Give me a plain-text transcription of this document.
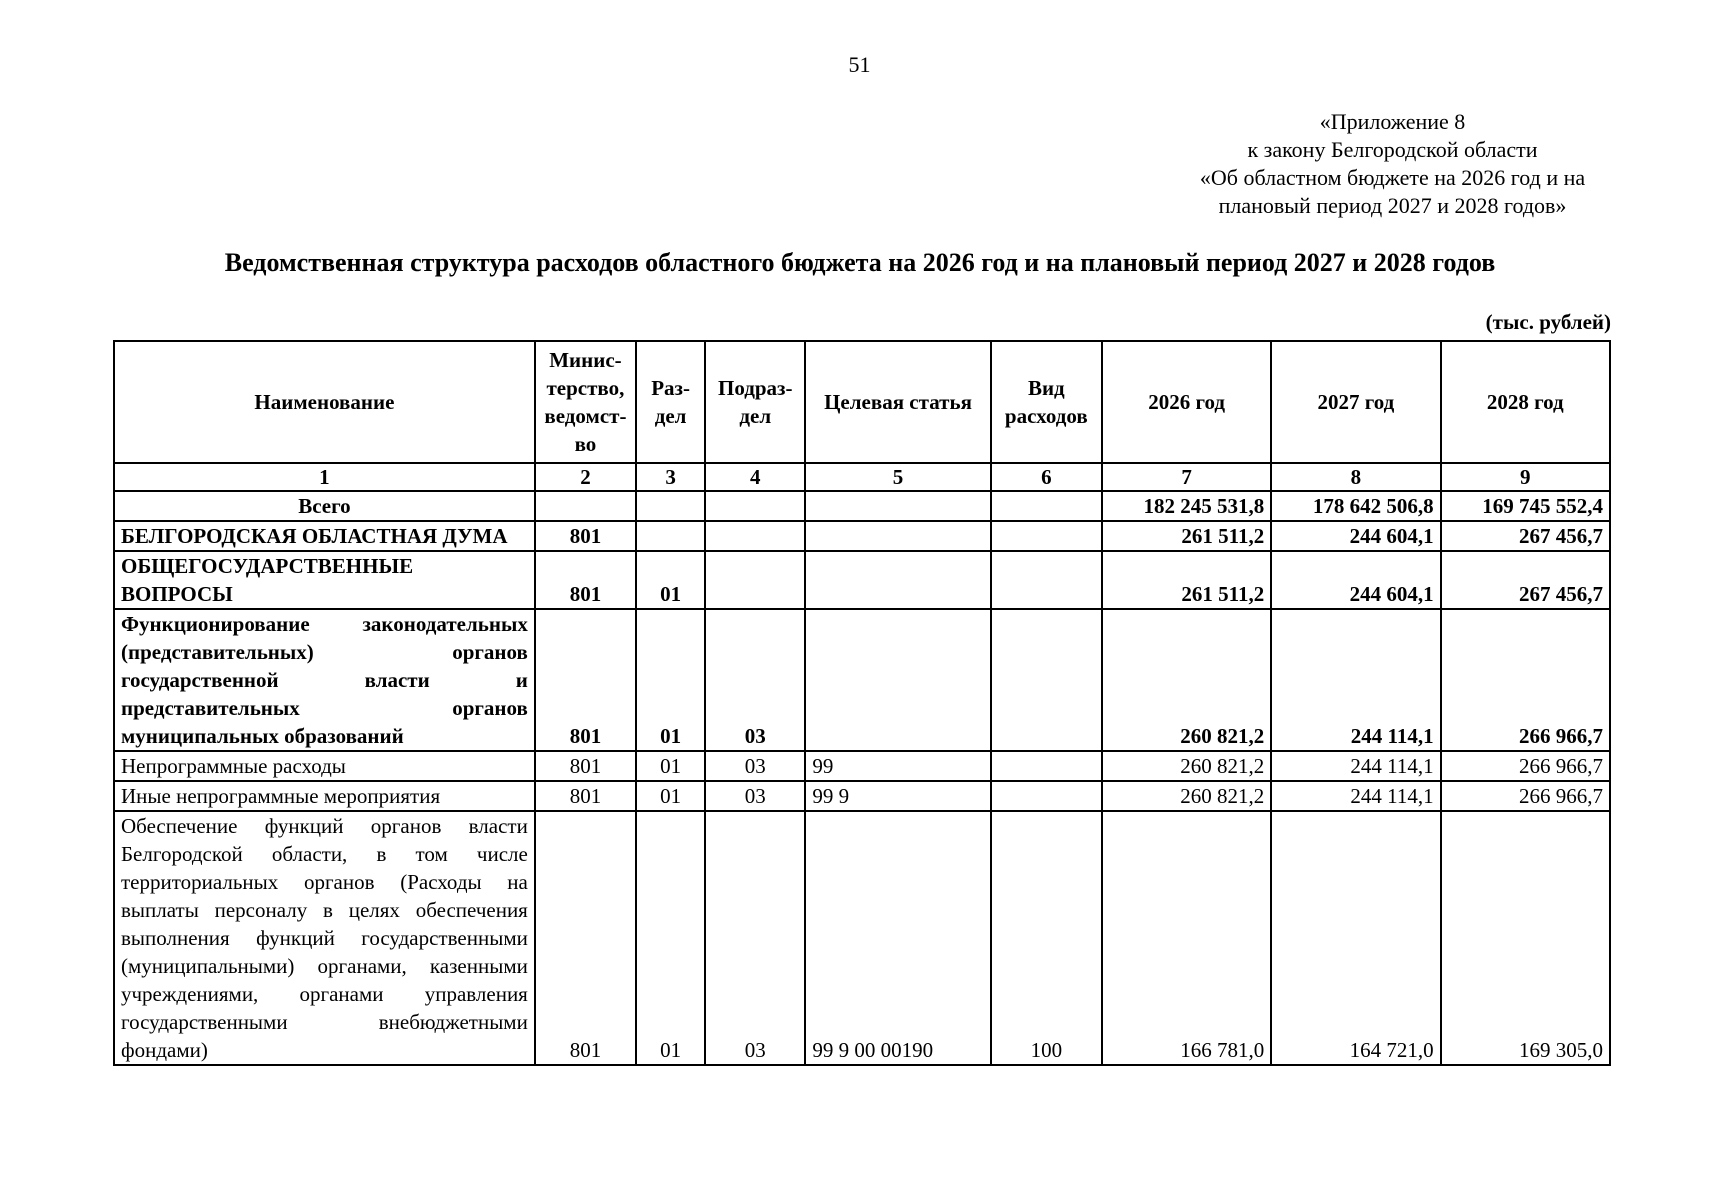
51
«Приложение 8
к закону Белгородской области
«Об областном бюджете на 2026 год и на
плановый период 2027 и 2028 годов»
Ведомственная структура расходов областного бюджета на 2026 год и на плановый период 2027 и 2028 годов
(тыс. рублей)
Наименование	Минис-терство, ведомст-во	Раз-дел	Подраз-дел	Целевая статья	Вид расходов	2026 год	2027 год	2028 год
1	2	3	4	5	6	7	8	9
Всего						182 245 531,8	178 642 506,8	169 745 552,4
БЕЛГОРОДСКАЯ ОБЛАСТНАЯ ДУМА	801					261 511,2	244 604,1	267 456,7
ОБЩЕГОСУДАРСТВЕННЫЕ ВОПРОСЫ	801	01				261 511,2	244 604,1	267 456,7
Функционирование законодательных (представительных) органов государственной власти и представительных органов муниципальных образований	801	01	03			260 821,2	244 114,1	266 966,7
Непрограммные расходы	801	01	03	99		260 821,2	244 114,1	266 966,7
Иные непрограммные мероприятия	801	01	03	99 9		260 821,2	244 114,1	266 966,7
Обеспечение функций органов власти Белгородской области, в том числе территориальных органов (Расходы на выплаты персоналу в целях обеспечения выполнения функций государственными (муниципальными) органами, казенными учреждениями, органами управления государственными внебюджетными фондами)	801	01	03	99 9 00 00190	100	166 781,0	164 721,0	169 305,0
